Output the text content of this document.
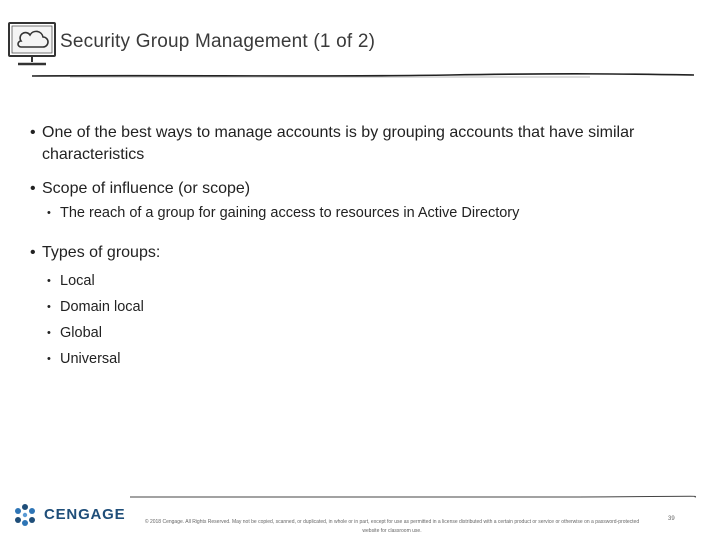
Security Group Management (1 of 2)
• One of the best ways to manage accounts is by grouping accounts that have similar characteristics
• Scope of influence (or scope)
• The reach of a group for gaining access to resources in Active Directory
• Types of groups:
• Local
• Domain local
• Global
• Universal
CENGAGE	© 2018 Cengage. All Rights Reserved. May not be copied, scanned, or duplicated, in whole or in part, except for use as permitted in a license distributed with a certain product or service or otherwise on a password-protected website for classroom use.
39
